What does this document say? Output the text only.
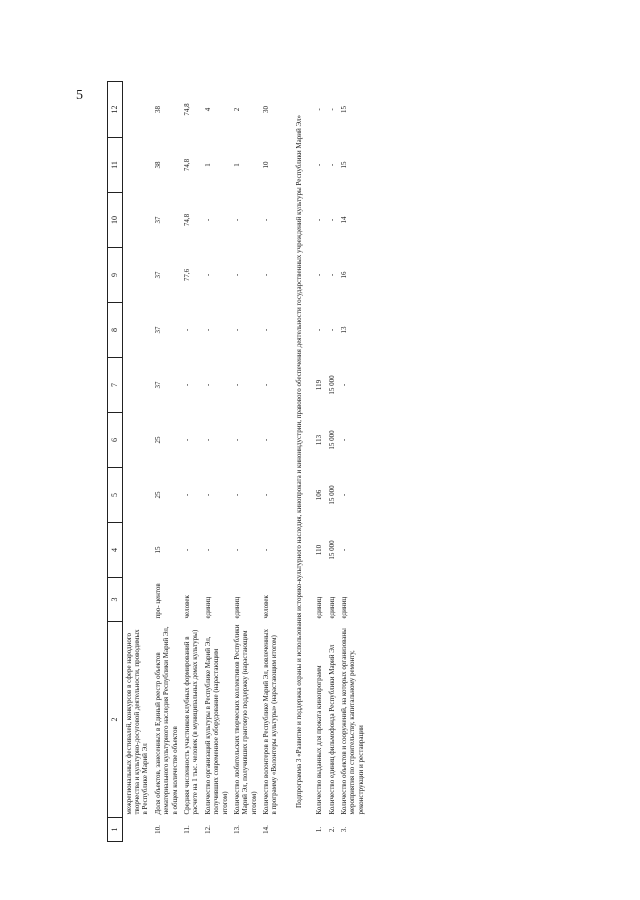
5
1	2	3	4	5	6	7	8	9	10	11	12
	межрегиональных фестивалей, конкурсов в сфере народного творчества и культурно-досуговой деятельности, проводимых в Республике Марий Эл										
10.	Доля объектов, занесенных в Единый реестр объектов нематериального культурного наследия Республики Марий Эл, в общем количестве объектов	про- центов	15	25	25	37	37	37	37	38	38
11.	Средняя численность участников клубных формирований в расчете на 1 тыс. человек (в муниципальных домах культуры)	человек	-	-	-	-	-	77,6	74,8	74,8	74,8
12.	Количество организаций культуры в Республике Марий Эл, получивших современное оборудование (нарастающим итогом)	единиц	-	-	-	-	-	-	-	1	4
13.	Количество любительских творческих коллективов Республики Марий Эл, получивших грантовую поддержку (нарастающим итогом)	единиц	-	-	-	-	-	-	-	1	2
14.	Количество волонтеров в Республике Марий Эл, вовлеченных в программу «Волонтеры культуры» (нарастающим итогом)	человек	-	-	-	-	-	-	-	10	30
Подпрограмма 3 «Развитие и поддержка охраны и использования историко-культурного наследия, кинопроката и киноиндустрии, правового обеспечения деятельности государственных учреждений культуры Республики Марий Эл»											
1.	Количество выданных для проката кинопрограмм	единиц	110	106	113	119	-	-	-	-	-
2.	Количество единиц фильмофонда Республики Марий Эл	единиц	15 000	15 000	15 000	15 000	-	-	-	-	-
3.	Количество объектов и сооружений, на которых организованы мероприятия по строительству, капитальному ремонту, реконструкции и реставрации	единиц	-	-	-	-	13	16	14	15	15
